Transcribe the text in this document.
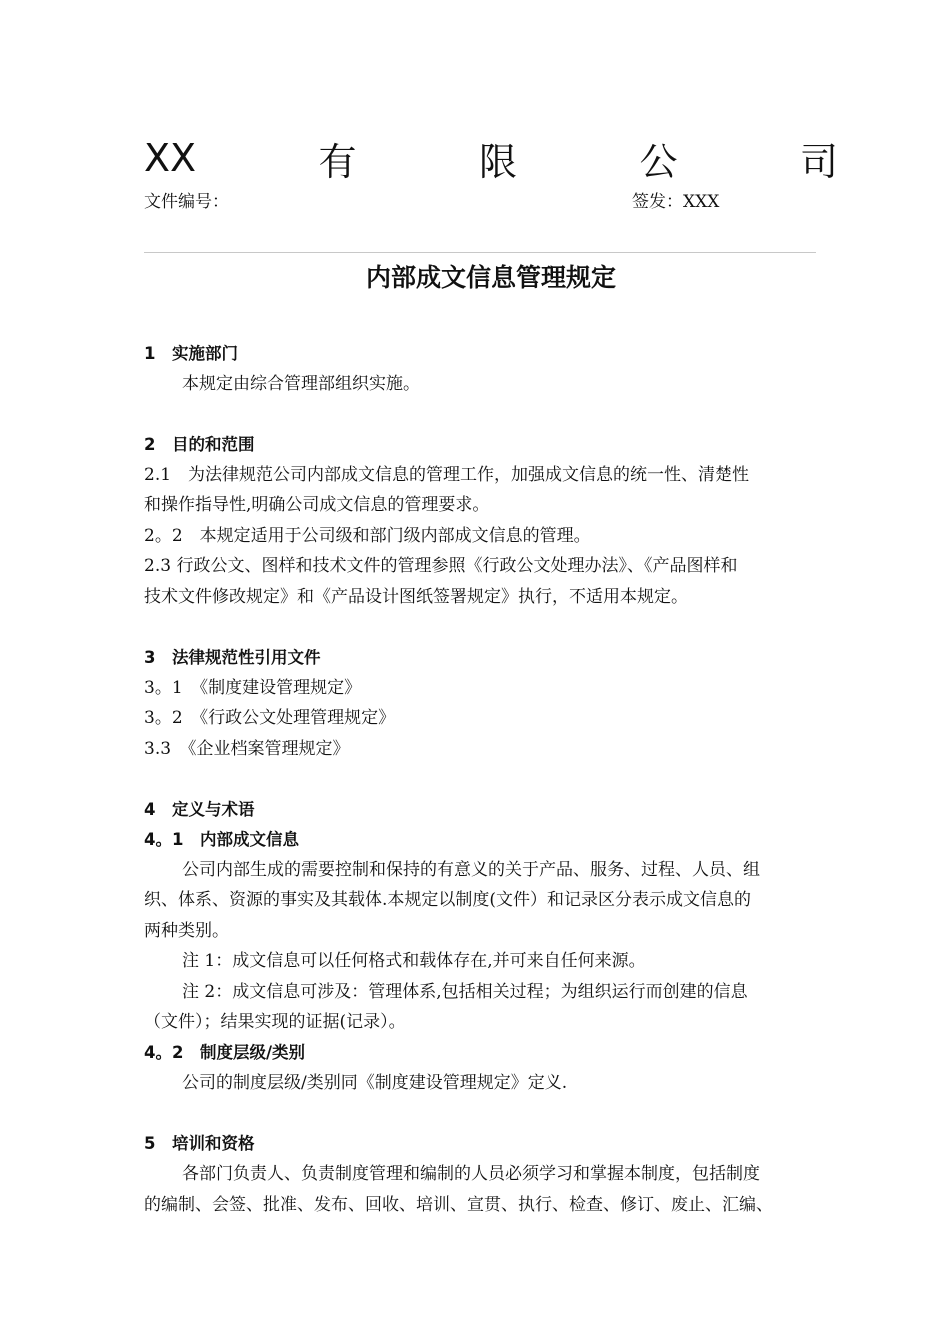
XX	有	限	公	司
文件编号：	签发：XXX
内部成文信息管理规定
1　实施部门
本规定由综合管理部组织实施。
2　目的和范围
2.1　为法律规范公司内部成文信息的管理工作，加强成文信息的统一性、清楚性
和操作指导性,明确公司成文信息的管理要求。
2。2　本规定适用于公司级和部门级内部成文信息的管理。
2.3 行政公文、图样和技术文件的管理参照《行政公文处理办法》、《产品图样和
技术文件修改规定》和《产品设计图纸签署规定》执行，不适用本规定。
3　法律规范性引用文件
3。1　《制度建设管理规定》
3。2　《行政公文处理管理规定》
3.3　《企业档案管理规定》
4　定义与术语
4。1　内部成文信息
公司内部生成的需要控制和保持的有意义的关于产品、服务、过程、人员、组
织、体系、资源的事实及其载体.本规定以制度(文件）和记录区分表示成文信息的
两种类别。
注 1：成文信息可以任何格式和载体存在,并可来自任何来源。
注 2：成文信息可涉及：管理体系,包括相关过程；为组织运行而创建的信息
（文件）；结果实现的证据(记录）。
4。2　制度层级/类别
公司的制度层级/类别同《制度建设管理规定》定义.
5　培训和资格
各部门负责人、负责制度管理和编制的人员必须学习和掌握本制度，包括制度
的编制、会签、批准、发布、回收、培训、宣贯、执行、检查、修订、废止、汇编、
